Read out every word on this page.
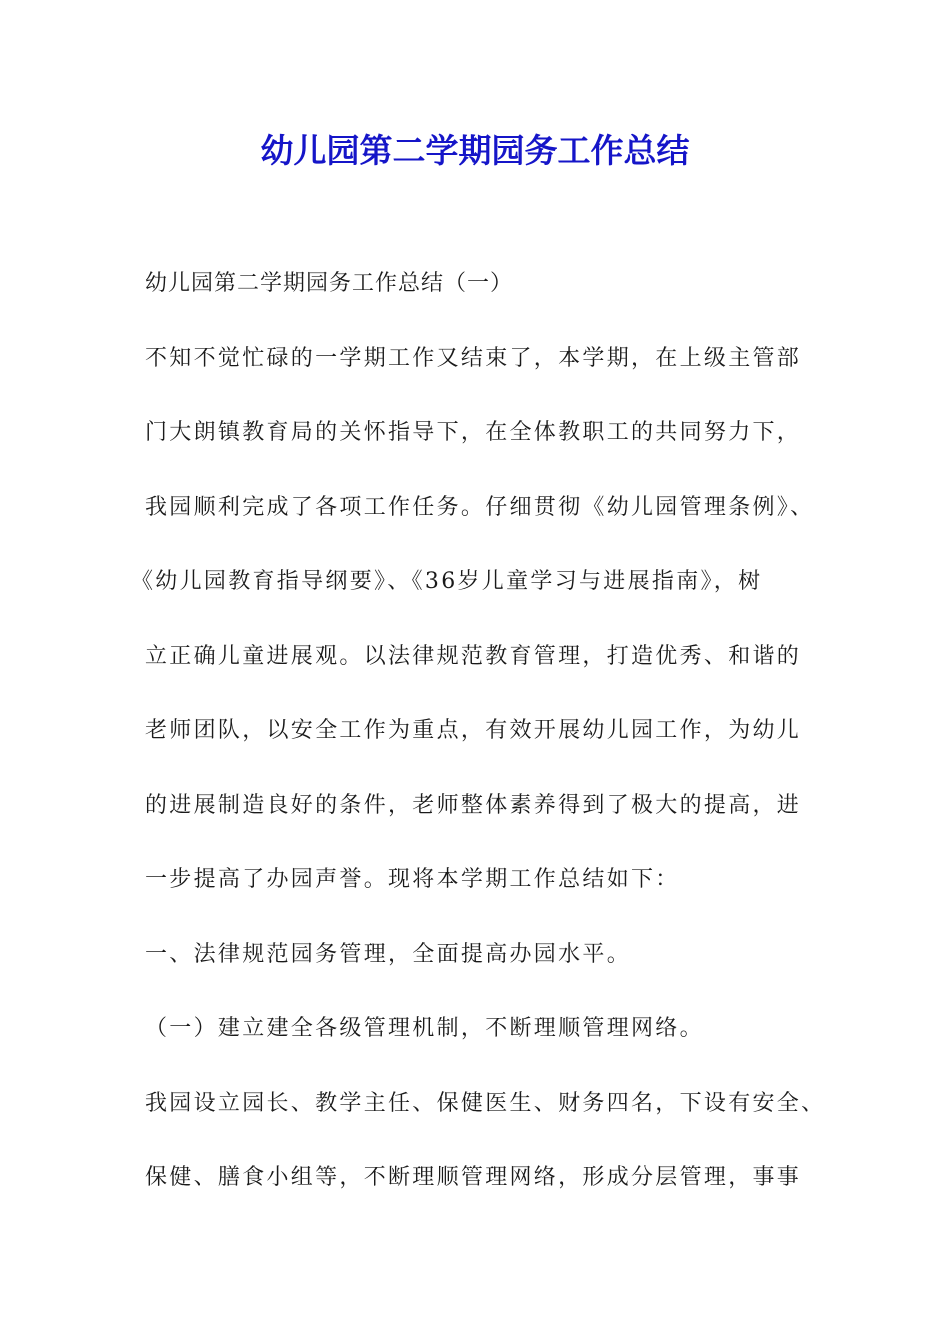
幼儿园第二学期园务工作总结
幼儿园第二学期园务工作总结（一）
不知不觉忙碌的一学期工作又结束了，本学期，在上级主管部
门大朗镇教育局的关怀指导下，在全体教职工的共同努力下，
我园顺利完成了各项工作任务。仔细贯彻《幼儿园管理条例》、
《幼儿园教育指导纲要》、《36岁儿童学习与进展指南》，树
立正确儿童进展观。以法律规范教育管理，打造优秀、和谐的
老师团队，以安全工作为重点，有效开展幼儿园工作，为幼儿
的进展制造良好的条件，老师整体素养得到了极大的提高，进
一步提高了办园声誉。现将本学期工作总结如下：
一、法律规范园务管理，全面提高办园水平。
（一）建立建全各级管理机制，不断理顺管理网络。
我园设立园长、教学主任、保健医生、财务四名，下设有安全、
保健、膳食小组等，不断理顺管理网络，形成分层管理，事事
